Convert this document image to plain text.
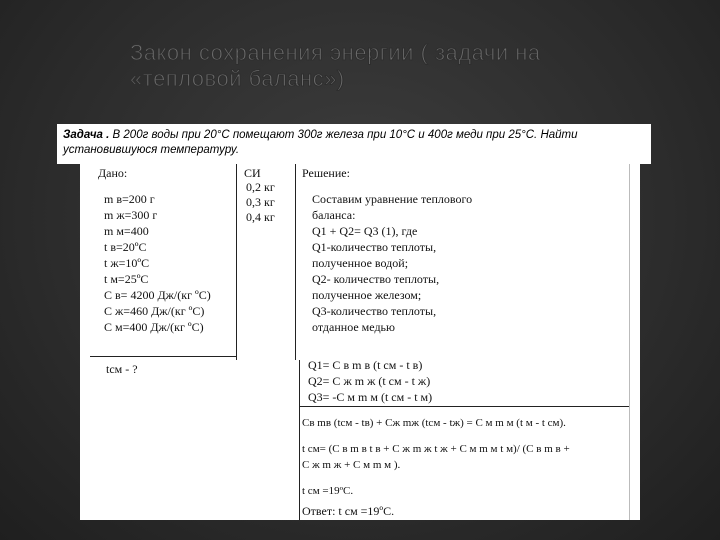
Закон сохранения энергии ( задачи на
«тепловой баланс»)
Задача . В 200г воды при 20°С помещают 300г железа при 10°С и 400г меди при 25°С. Найти установившуюся температуру.
Дано:	СИ	Решение:
m в=200 г
m ж=300 г
m м=400
t в=20ºС
t ж=10ºС
t м=25ºС
С в= 4200 Дж/(кг ºС)
С ж=460 Дж/(кг ºС)
С м=400 Дж/(кг ºС)
0,2 кг
0,3 кг
0,4 кг
tсм - ?
Составим уравнение теплового
баланса:
Q1 + Q2= Q3 (1), где
Q1-количество теплоты,
полученное водой;
Q2- количество теплоты,
полученное железом;
Q3-количество теплоты,
отданное медью
Q1= С в m в (t см - t в)
Q2= С ж m ж (t см - t ж)
Q3= -С м m м (t см - t м)
Св mв (tсм - tв) + Сж mж (tсм - tж) = С м m м (t м - t см).
t см= (С в m в t в + С ж m ж t ж + С м m м t м)/ (С в m в +
С ж m ж + С м m м ).
t см =19ºС.
Ответ: t см =19ºС.
